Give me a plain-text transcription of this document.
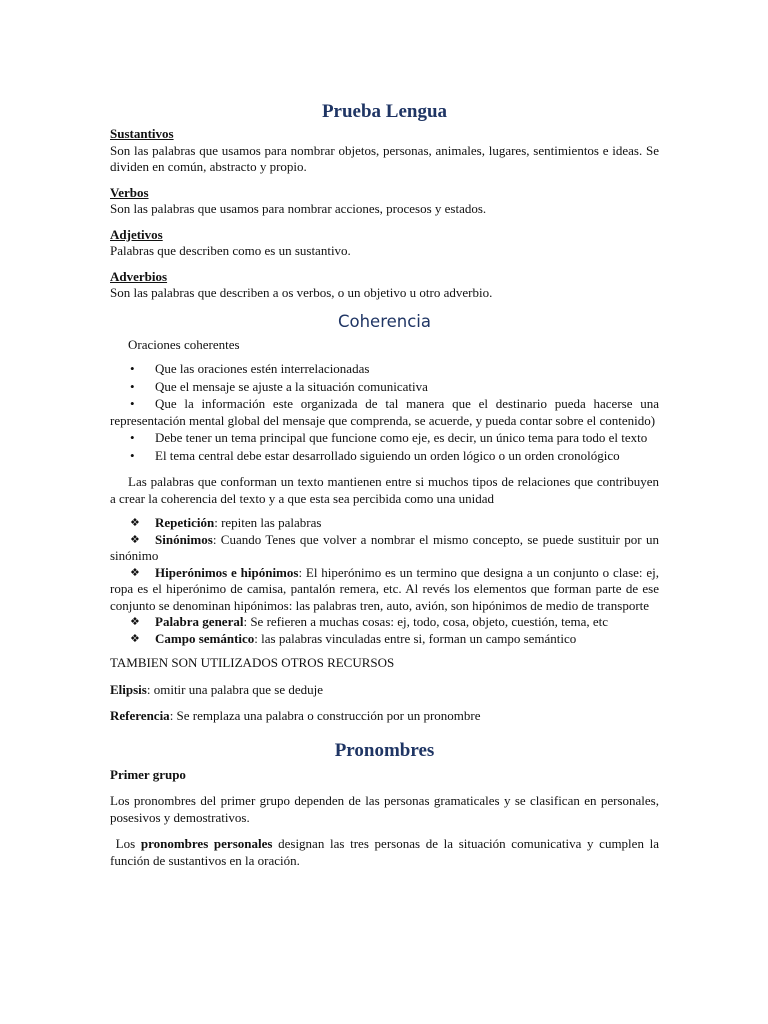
Prueba Lengua
Sustantivos
Son las palabras que usamos para nombrar objetos, personas, animales, lugares, sentimientos e ideas. Se dividen en común, abstracto y propio.
Verbos
Son las palabras que usamos para nombrar acciones, procesos y estados.
Adjetivos
Palabras que describen como es un sustantivo.
Adverbios
Son las palabras que describen a os verbos, o un objetivo u otro adverbio.
Coherencia
Oraciones coherentes
• Que las oraciones estén interrelacionadas
• Que el mensaje se ajuste a la situación comunicativa
• Que la información este organizada de tal manera que el destinario pueda hacerse una representación mental global del mensaje que comprenda, se acuerde, y pueda contar sobre el contenido)
• Debe tener un tema principal que funcione como eje, es decir, un único tema para todo el texto
• El tema central debe estar desarrollado siguiendo un orden lógico o un orden cronológico
Las palabras que conforman un texto mantienen entre si muchos tipos de relaciones que contribuyen a crear la coherencia del texto y a que esta sea percibida como una unidad
❖ Repetición: repiten las palabras
❖ Sinónimos: Cuando Tenes que volver a nombrar el mismo concepto, se puede sustituir por un sinónimo
❖ Hiperónimos e hipónimos: El hiperónimo es un termino que designa a un conjunto o clase: ej, ropa es el hiperónimo de camisa, pantalón remera, etc. Al revés los elementos que forman parte de ese conjunto se denominan hipónimos: las palabras tren, auto, avión, son hipónimos de medio de transporte
❖ Palabra general: Se refieren a muchas cosas: ej, todo, cosa, objeto, cuestión, tema, etc
❖ Campo semántico: las palabras vinculadas entre si, forman un campo semántico
TAMBIEN SON UTILIZADOS OTROS RECURSOS
Elipsis: omitir una palabra que se deduje
Referencia: Se remplaza una palabra o construcción por un pronombre
Pronombres
Primer grupo
Los pronombres del primer grupo dependen de las personas gramaticales y se clasifican en personales, posesivos y demostrativos.
Los pronombres personales designan las tres personas de la situación comunicativa y cumplen la función de sustantivos en la oración.
